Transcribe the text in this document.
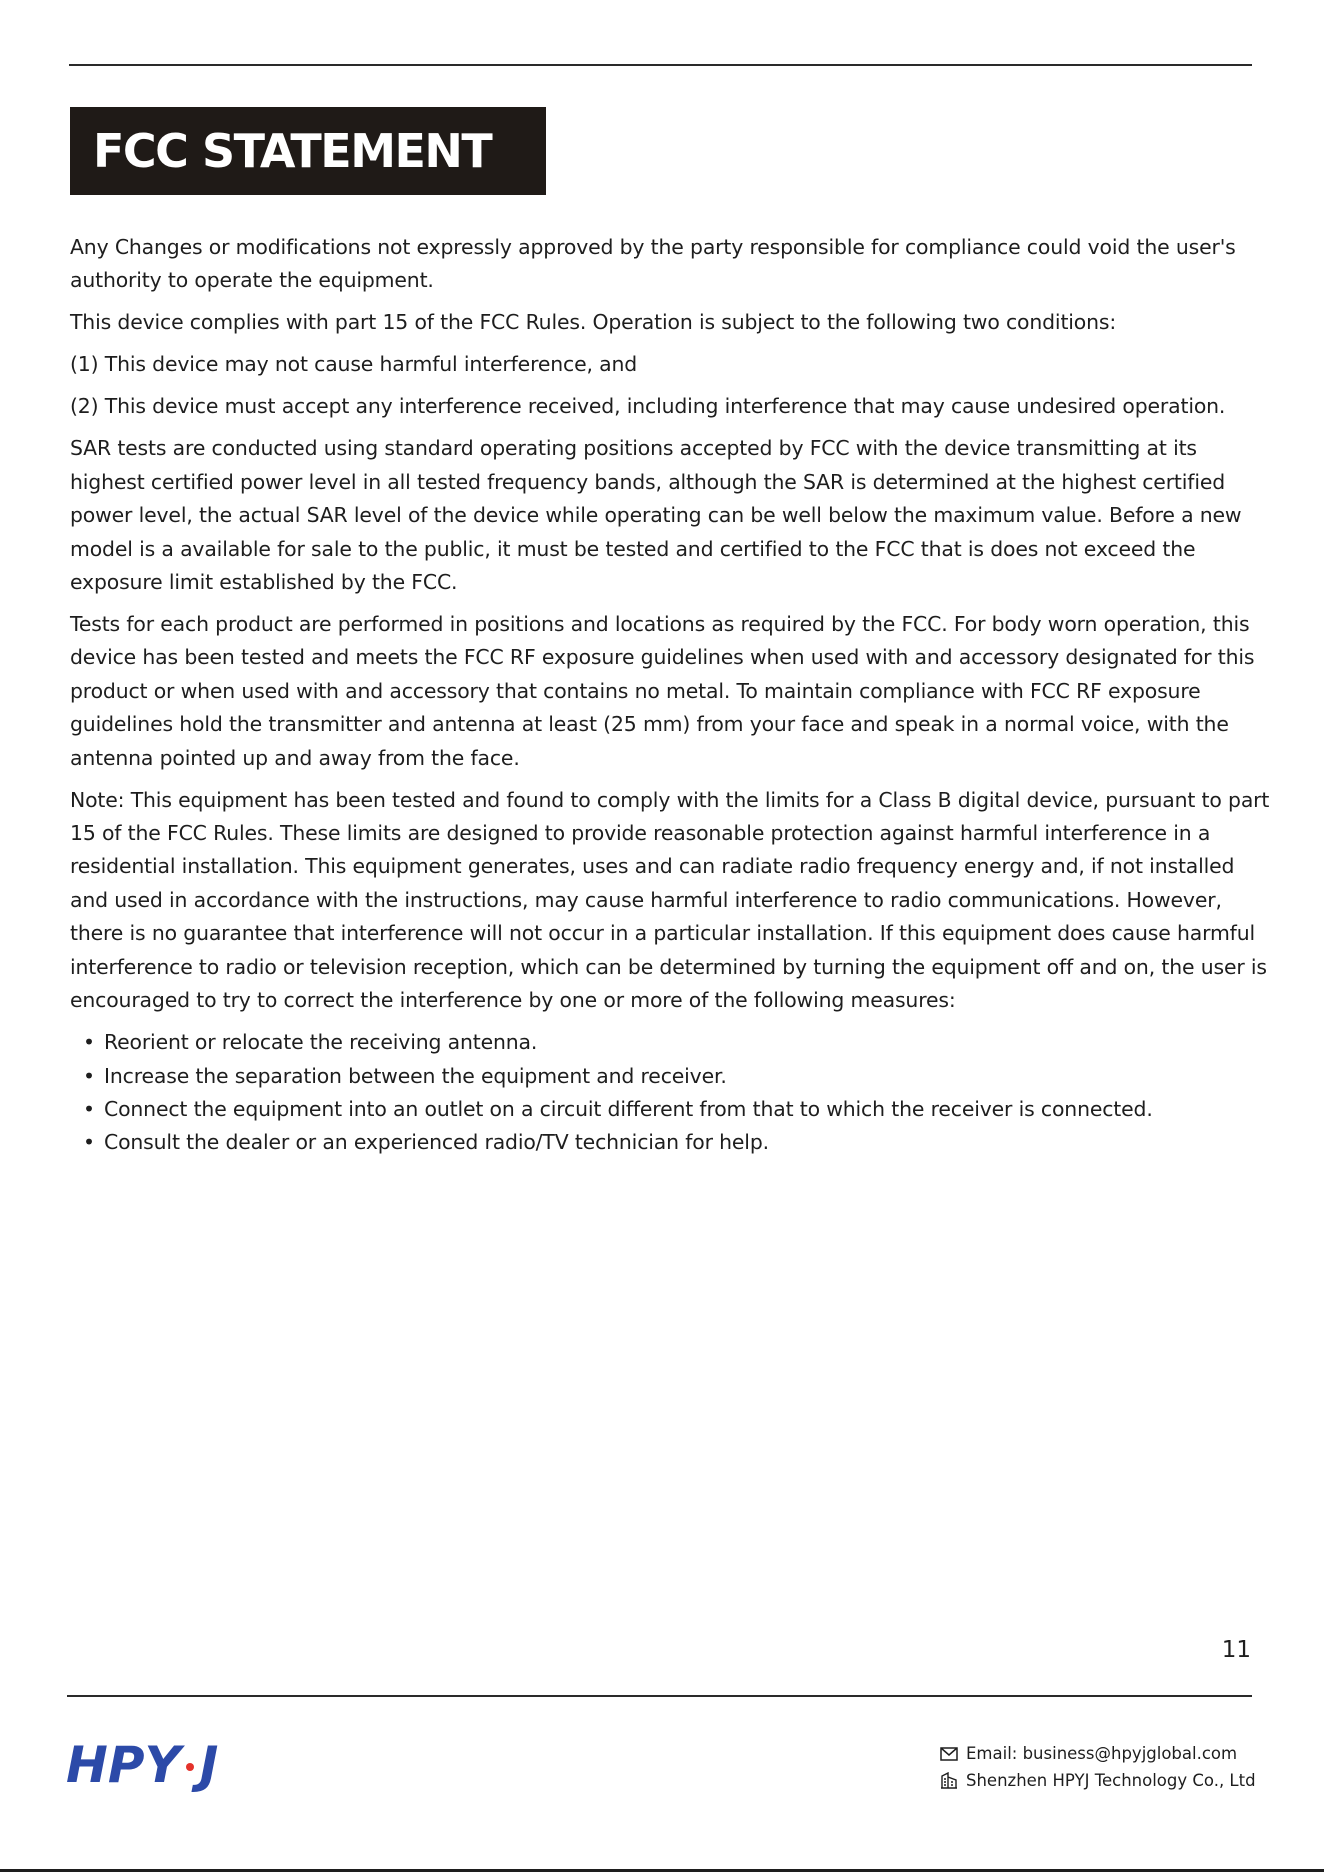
FCC STATEMENT

Any Changes or modifications not expressly approved by the party responsible for compliance could void the user's authority to operate the equipment.

This device complies with part 15 of the FCC Rules. Operation is subject to the following two conditions:

(1) This device may not cause harmful interference, and

(2) This device must accept any interference received, including interference that may cause undesired operation.

SAR tests are conducted using standard operating positions accepted by FCC with the device transmitting at its highest certified power level in all tested frequency bands, although the SAR is determined at the highest certified power level, the actual SAR level of the device while operating can be well below the maximum value. Before a new model is a available for sale to the public, it must be tested and certified to the FCC that is does not exceed the exposure limit established by the FCC.

Tests for each product are performed in positions and locations as required by the FCC. For body worn operation, this device has been tested and meets the FCC RF exposure guidelines when used with and accessory designated for this product or when used with and accessory that contains no metal. To maintain compliance with FCC RF exposure guidelines hold the transmitter and antenna at least (25 mm) from your face and speak in a normal voice, with the antenna pointed up and away from the face.

Note: This equipment has been tested and found to comply with the limits for a Class B digital device, pursuant to part 15 of the FCC Rules. These limits are designed to provide reasonable protection against harmful interference in a residential installation. This equipment generates, uses and can radiate radio frequency energy and, if not installed and used in accordance with the instructions, may cause harmful interference to radio communications. However, there is no guarantee that interference will not occur in a particular installation. If this equipment does cause harmful interference to radio or television reception, which can be determined by turning the equipment off and on, the user is encouraged to try to correct the interference by one or more of the following measures:

• Reorient or relocate the receiving antenna.
• Increase the separation between the equipment and receiver.
• Connect the equipment into an outlet on a circuit different from that to which the receiver is connected.
• Consult the dealer or an experienced radio/TV technician for help.
11
HPY J	Email: business@hpyjglobal.com
Shenzhen HPYJ Technology Co., Ltd
